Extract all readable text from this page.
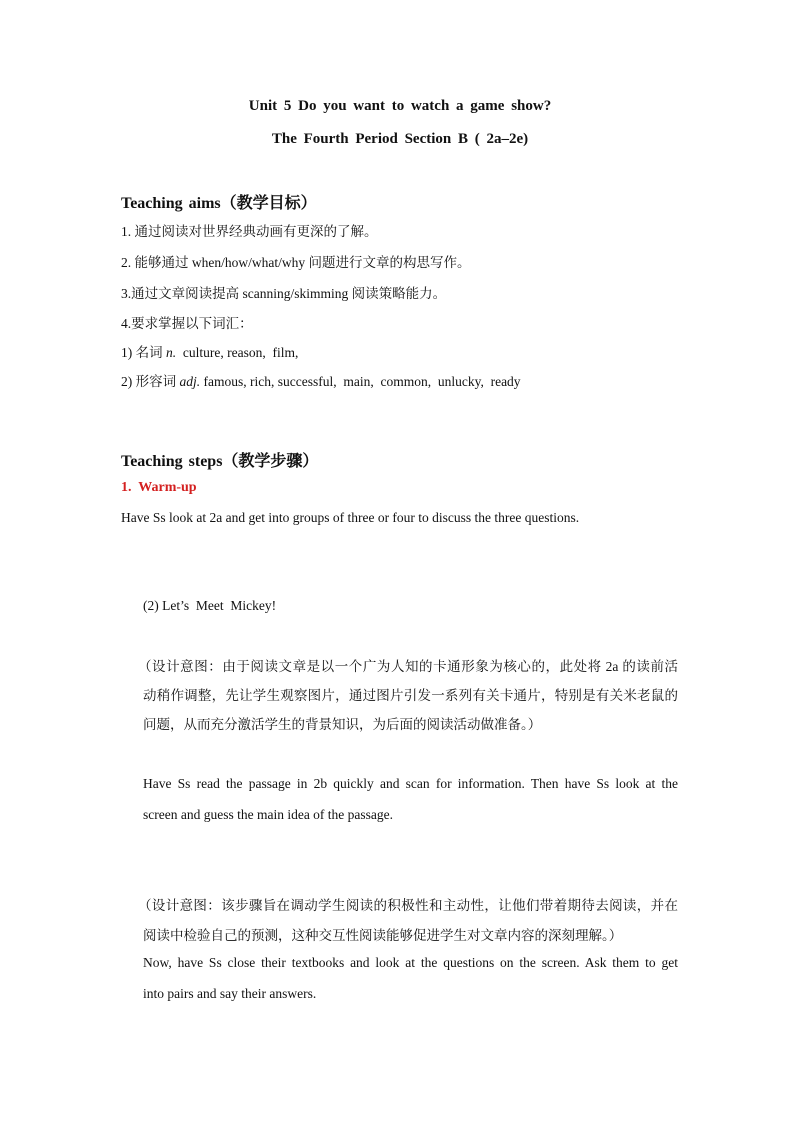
Unit 5 Do you want to watch a game show?
The Fourth Period Section B ( 2a–2e)
Teaching aims（教学目标）
1. 通过阅读对世界经典动画有更深的了解。
2. 能够通过 when/how/what/why 问题进行文章的构思写作。
3.通过文章阅读提高 scanning/skimming 阅读策略能力。
4.要求掌握以下词汇：
1) 名词 n.  culture, reason,  film,
2) 形容词 adj. famous, rich, successful,  main,  common,  unlucky,  ready
Teaching steps（教学步骤）
1.  Warm-up
Have Ss look at 2a and get into groups of three or four to discuss the three questions.
(2) Let’s  Meet  Mickey!
（设计意图：由于阅读文章是以一个广为人知的卡通形象为核心的，此处将 2a 的读前活
动稍作调整，先让学生观察图片，通过图片引发一系列有关卡通片，特别是有关米老鼠的
问题，从而充分激活学生的背景知识，为后面的阅读活动做准备。）
Have Ss read the passage in 2b quickly and scan for information. Then have Ss look at the
screen and guess the main idea of the passage.
（设计意图：该步骤旨在调动学生阅读的积极性和主动性，让他们带着期待去阅读，并在
阅读中检验自己的预测，这种交互性阅读能够促进学生对文章内容的深刻理解。）
Now, have Ss close their textbooks and look at the questions on the screen. Ask them to get
into pairs and say their answers.
